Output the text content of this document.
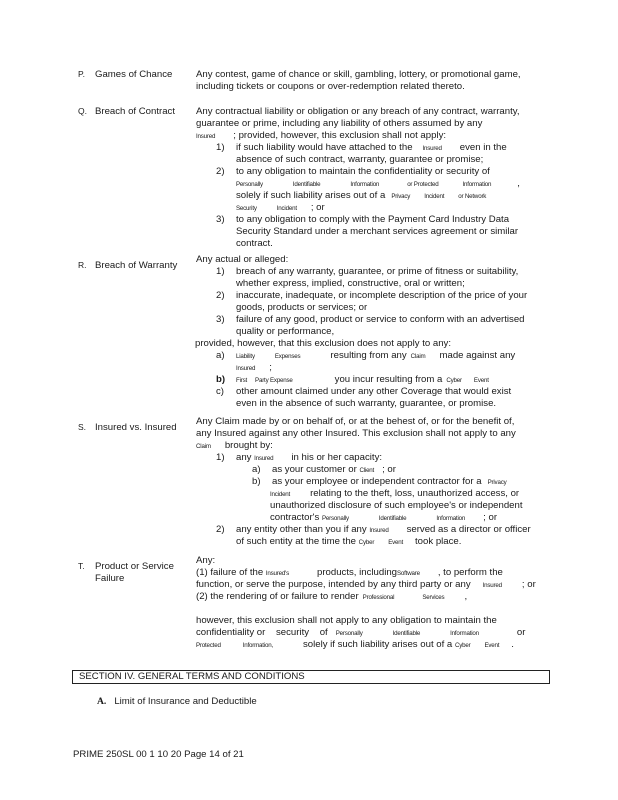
P.	Games of Chance	Any contest, game of chance or skill, gambling, lottery, or promotional game,
including tickets or coupons or over-redemption related thereto.
Q. Breach of Contract	Any contractual liability or obligation or any breach of any contract, warranty,
guarantee or prime, including any liability of others assumed by any
Insured ; provided, however, this exclusion shall not apply:
1) if such liability would have attached to the Insured even in the
absence of such contract, warranty, guarantee or promise;
2) to any obligation to maintain the confidentiality or security of
Personally	Identifiable	Information	or Protected	Information	,
solely if such liability arises out of a Privacy Incident or Network
Security	Incident ; or
3) to any obligation to comply with the Payment Card Industry Data
Security Standard under a merchant services agreement or similar
contract.
R. Breach of Warranty
Any actual or alleged:
1) breach of any warranty, guarantee, or prime of fitness or suitability,
whether express, implied, constructive, oral or written;
2) inaccurate, inadequate, or incomplete description of the price of your
goods, products or services; or
3) failure of any good, product or service to conform with an advertised
quality or performance,
provided, however, that this exclusion does not apply to any:
a) Liability	Expenses	resulting from any Claim made against any
Insured ;
b) First Party Expense	you incur resulting from a Cyber Event
c) other amount claimed under any other Coverage that would exist
even in the absence of such warranty, guarantee, or promise.
S. Insured vs. Insured
Any Claim made by or on behalf of, or at the behest of, or for the benefit of,
any Insured against any other Insured. This exclusion shall not apply to any
Claim brought by:
1) any Insured in his or her capacity:
a) as your customer or Client ; or
b) as your employee or independent contractor for a Privacy
Incident relating to the theft, loss, unauthorized access, or
unauthorized disclosure of such employee's or independent
contractor's Personally	Identifiable	Information ; or
2) any entity other than you if any Insured served as a director or officer
of such entity at the time the Cyber Event took place.
T.	Product or Service Failure
Any:
(1) failure of the Insured's	products, includingSoftware , to perform the
function, or serve the purpose, intended by any third party or any Insured ; or
(2) the rendering of or failure to render Professional	Services ,
however, this exclusion shall not apply to any obligation to maintain the
confidentiality or    security    of Personally	Identifiable	Information	or
Protected	Information,	solely if such liability arises out of a Cyber Event .
SECTION IV. GENERAL TERMS AND CONDITIONS
A. Limit of Insurance and Deductible
PRIME 250SL 00 1 10 20 Page 14 of 21
